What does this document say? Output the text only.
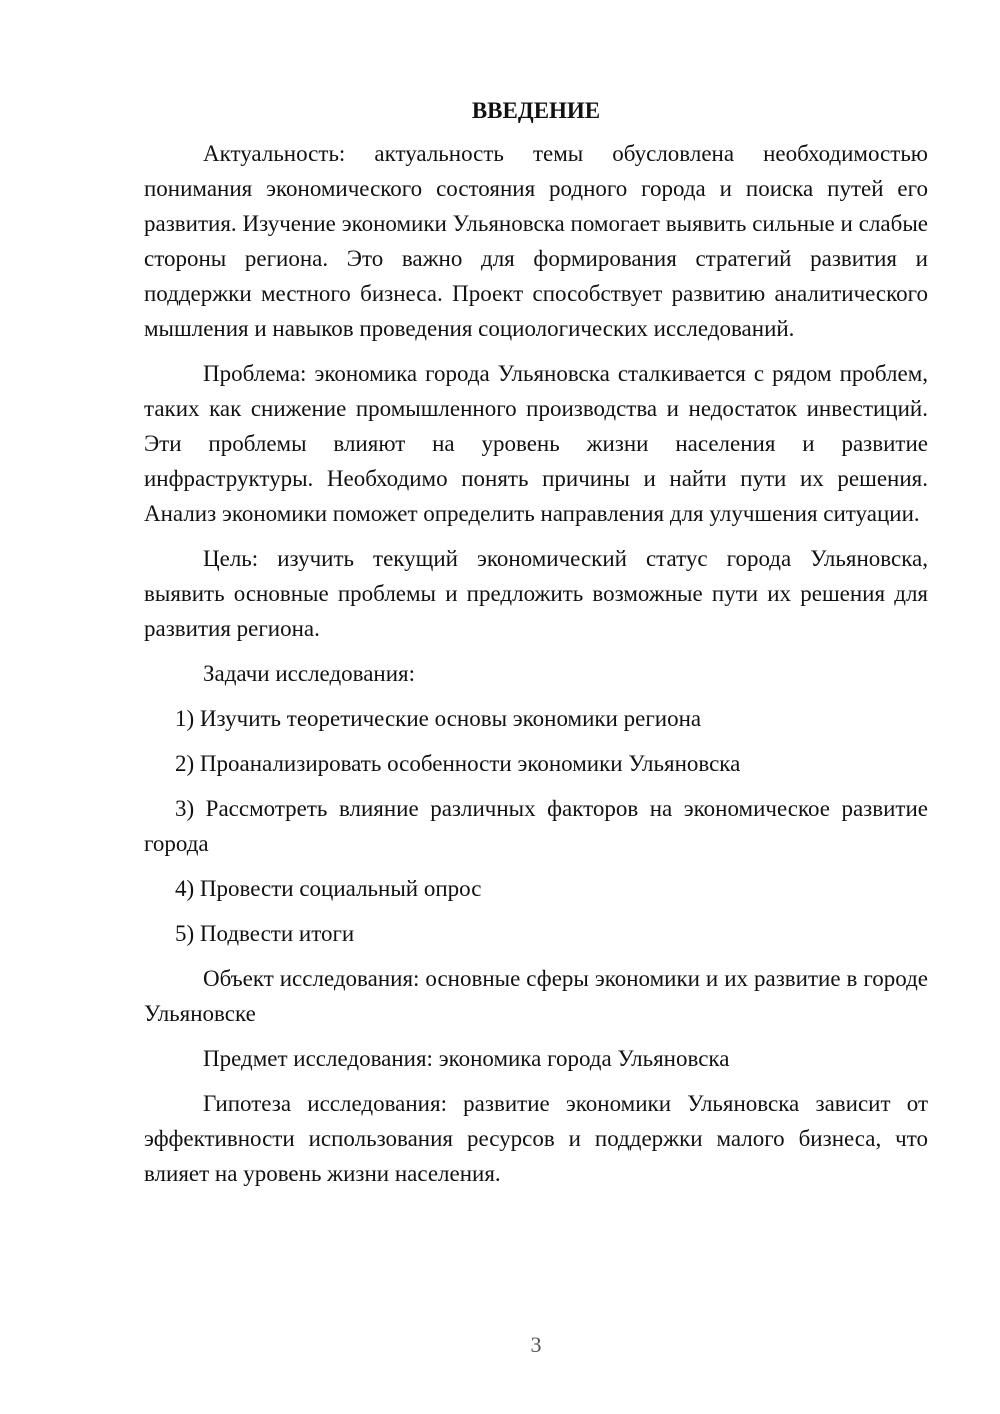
ВВЕДЕНИЕ

Актуальность: актуальность темы обусловлена необходимостью понимания экономического состояния родного города и поиска путей его развития. Изучение экономики Ульяновска помогает выявить сильные и слабые стороны региона. Это важно для формирования стратегий развития и поддержки местного бизнеса. Проект способствует развитию аналитического мышления и навыков проведения социологических исследований.

Проблема: экономика города Ульяновска сталкивается с рядом проблем, таких как снижение промышленного производства и недостаток инвестиций. Эти проблемы влияют на уровень жизни населения и развитие инфраструктуры. Необходимо понять причины и найти пути их решения. Анализ экономики поможет определить направления для улучшения ситуации.

Цель: изучить текущий экономический статус города Ульяновска, выявить основные проблемы и предложить возможные пути их решения для развития региона.

Задачи исследования:

1) Изучить теоретические основы экономики региона

2) Проанализировать особенности экономики Ульяновска

3) Рассмотреть влияние различных факторов на экономическое развитие города

4) Провести социальный опрос

5) Подвести итоги

Объект исследования: основные сферы экономики и их развитие в городе Ульяновске

Предмет исследования: экономика города Ульяновска

Гипотеза исследования: развитие экономики Ульяновска зависит от эффективности использования ресурсов и поддержки малого бизнеса, что влияет на уровень жизни населения.

3
